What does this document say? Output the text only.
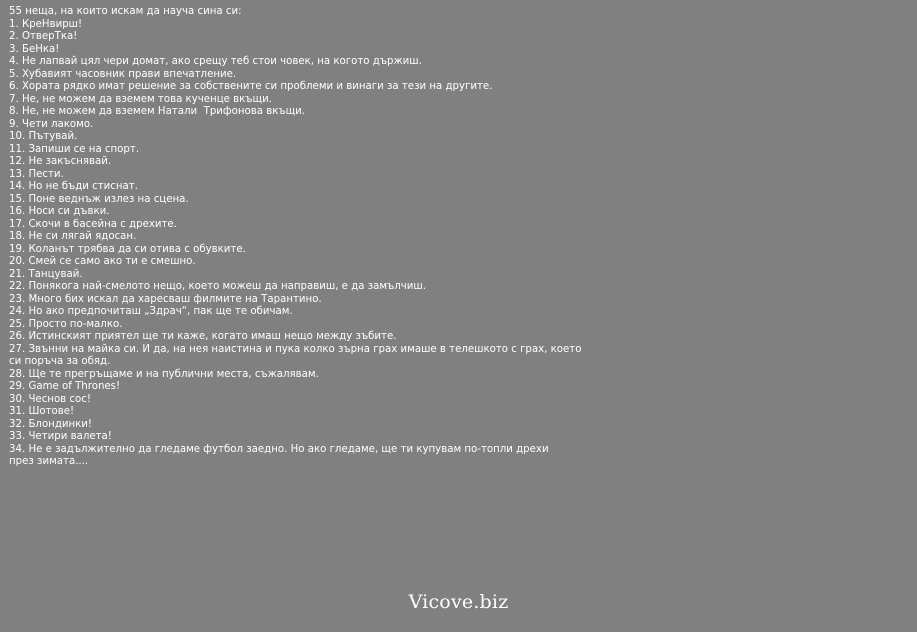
55 неща, на които искам да науча сина си:
1. КреНвирш!
2. ОтверТка!
3. БеНка!
4. Не лапвай цял чери домат, ако срещу теб стои човек, на когото държиш.
5. Хубавият часовник прави впечатление.
6. Хората рядко имат решение за собствените си проблеми и винаги за тези на другите.
7. Не, не можем да вземем това кученце вкъщи.
8. Не, не можем да вземем Натали  Трифонова вкъщи.
9. Чети лакомо.
10. Пътувай.
11. Запиши се на спорт.
12. Не закъснявай.
13. Пести.
14. Но не бъди стиснат.
15. Поне веднъж излез на сцена.
16. Носи си дъвки.
17. Скочи в басейна с дрехите.
18. Не си лягай ядосан.
19. Коланът трябва да си отива с обувките.
20. Смей се само ако ти е смешно.
21. Танцувай.
22. Понякога най-смелото нещо, което можеш да направиш, е да замълчиш.
23. Много бих искал да харесваш филмите на Тарантино.
24. Но ако предпочиташ „Здрач“, пак ще те обичам.
25. Просто по-малко.
26. Истинският приятел ще ти каже, когато имаш нещо между зъбите.
27. Звънни на майка си. И да, на нея наистина и пука колко зърна грах имаше в телешкото с грах, което си поръча за обяд.
28. Ще те прегръщаме и на публични места, съжалявам.
29. Game of Thrones!
30. Чеснов сос!
31. Шотове!
32. Блондинки!
33. Четири валета!
34. Не е задължително да гледаме футбол заедно. Но ако гледаме, ще ти купувам по-топли дрехи през зимата....
Vicove.biz
